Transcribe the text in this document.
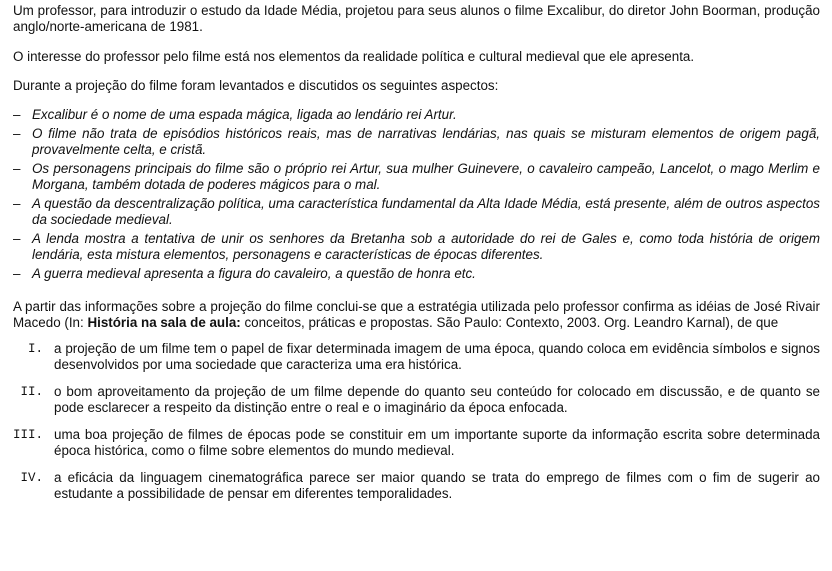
Um professor, para introduzir o estudo da Idade Média, projetou para seus alunos o filme Excalibur, do diretor John Boorman, produção anglo/norte-americana de 1981.

O interesse do professor pelo filme está nos elementos da realidade política e cultural medieval que ele apresenta.

Durante a projeção do filme foram levantados e discutidos os seguintes aspectos:

– Excalibur é o nome de uma espada mágica, ligada ao lendário rei Artur.
– O filme não trata de episódios históricos reais, mas de narrativas lendárias, nas quais se misturam elementos de origem pagã, provavelmente celta, e cristã.
– Os personagens principais do filme são o próprio rei Artur, sua mulher Guinevere, o cavaleiro campeão, Lancelot, o mago Merlim e Morgana, também dotada de poderes mágicos para o mal.
– A questão da descentralização política, uma característica fundamental da Alta Idade Média, está presente, além de outros aspectos da sociedade medieval.
– A lenda mostra a tentativa de unir os senhores da Bretanha sob a autoridade do rei de Gales e, como toda história de origem lendária, esta mistura elementos, personagens e características de épocas diferentes.
– A guerra medieval apresenta a figura do cavaleiro, a questão de honra etc.

A partir das informações sobre a projeção do filme conclui-se que a estratégia utilizada pelo professor confirma as idéias de José Rivair Macedo (In: História na sala de aula: conceitos, práticas e propostas. São Paulo: Contexto, 2003. Org. Leandro Karnal), de que

I. a projeção de um filme tem o papel de fixar determinada imagem de uma época, quando coloca em evidência símbolos e signos desenvolvidos por uma sociedade que caracteriza uma era histórica.
II. o bom aproveitamento da projeção de um filme depende do quanto seu conteúdo for colocado em discussão, e de quanto se pode esclarecer a respeito da distinção entre o real e o imaginário da época enfocada.
III. uma boa projeção de filmes de épocas pode se constituir em um importante suporte da informação escrita sobre determinada época histórica, como o filme sobre elementos do mundo medieval.
IV. a eficácia da linguagem cinematográfica parece ser maior quando se trata do emprego de filmes com o fim de sugerir ao estudante a possibilidade de pensar em diferentes temporalidades.
